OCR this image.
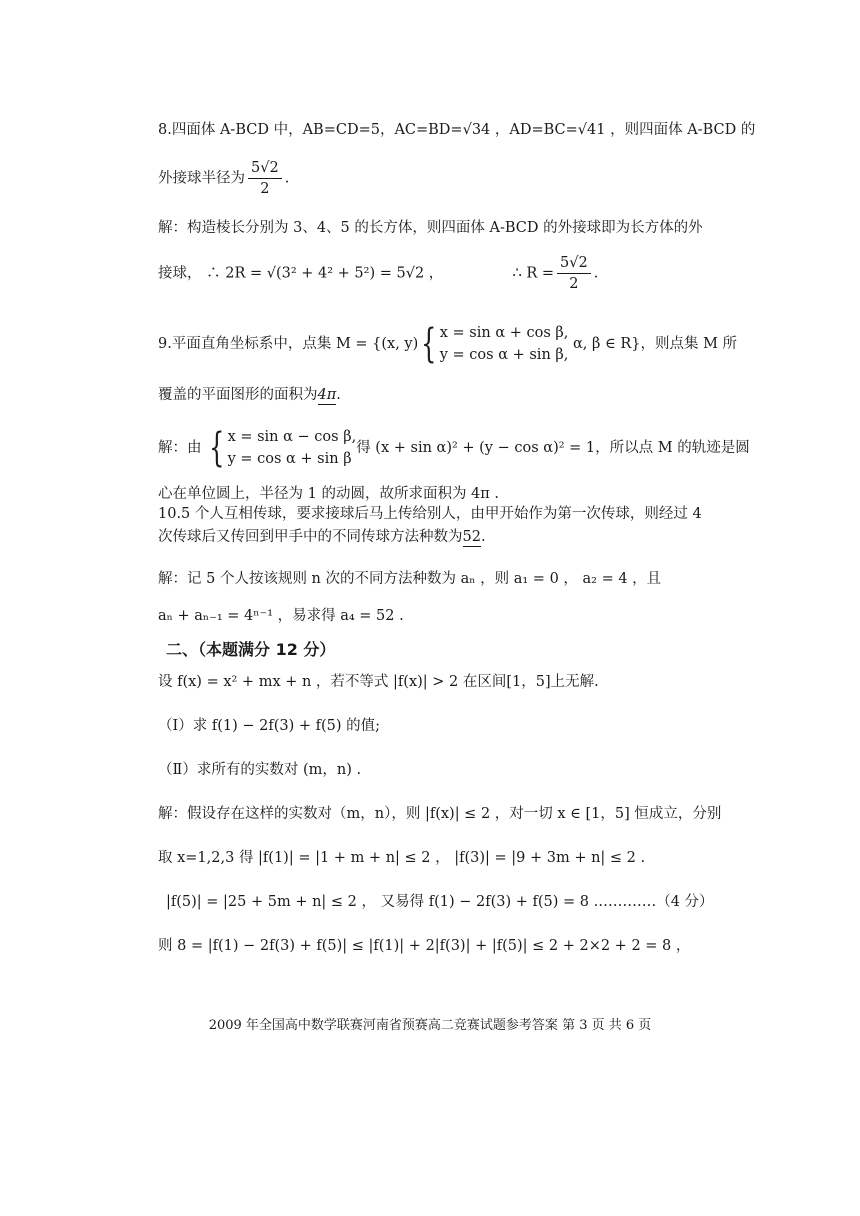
8.四面体 A-BCD 中，AB=CD=5，AC=BD=√34 ，AD=BC=√41 ，则四面体 A-BCD 的
外接球半径为 $\frac{5√2}{2}$ .
解：构造棱长分别为 3、4、5 的长方体，则四面体 A-BCD 的外接球即为长方体的外
接球， ∴ 2R = √(3² + 4² + 5²) = 5√2 ，	∴ $R = \frac{5√2}{2}$ .
9.平面直角坐标系中，点集 M = {(x, y){ x = sin α + cos β,
y = cos α + sin β,
α, β ∈ R}，则点集 M 所
覆盖的平面图形的面积为4π.
解：由 { x = sin α − cos β,
y = cos α + sin β
得 (x + sin α)² + (y − cos α)² = 1，所以点 M 的轨迹是圆
心在单位圆上，半径为 1 的动圆，故所求面积为 4π .
10.5 个人互相传球，要求接球后马上传给别人，由甲开始作为第一次传球，则经过 4
次传球后又传回到甲手中的不同传球方法种数为52.
解：记 5 个人按该规则 n 次的不同方法种数为 aₙ ，则 a₁ = 0 ， a₂ = 4 ，且
aₙ + aₙ₋₁ = 4ⁿ⁻¹ ，易求得 a₄ = 52 .
二、（本题满分 12 分）
设 f(x) = x² + mx + n ，若不等式 |f(x)| > 2 在区间[1，5]上无解.
（Ⅰ）求 f(1) − 2f(3) + f(5) 的值;
（Ⅱ）求所有的实数对 (m，n) .
解：假设存在这样的实数对（m，n），则 |f(x)| ≤ 2 ，对一切 x ∈ [1，5] 恒成立，分别
取 x=1,2,3 得 |f(1)| = |1 + m + n| ≤ 2 ， |f(3)| = |9 + 3m + n| ≤ 2 .
|f(5)| = |25 + 5m + n| ≤ 2 ， 又易得 f(1) − 2f(3) + f(5) = 8 .…………（4 分）
则 8 = |f(1) − 2f(3) + f(5)| ≤ |f(1)| + 2|f(3)| + |f(5)| ≤ 2 + 2×2 + 2 = 8 ，
2009 年全国高中数学联赛河南省预赛高二竞赛试题参考答案 第 3 页 共 6 页
